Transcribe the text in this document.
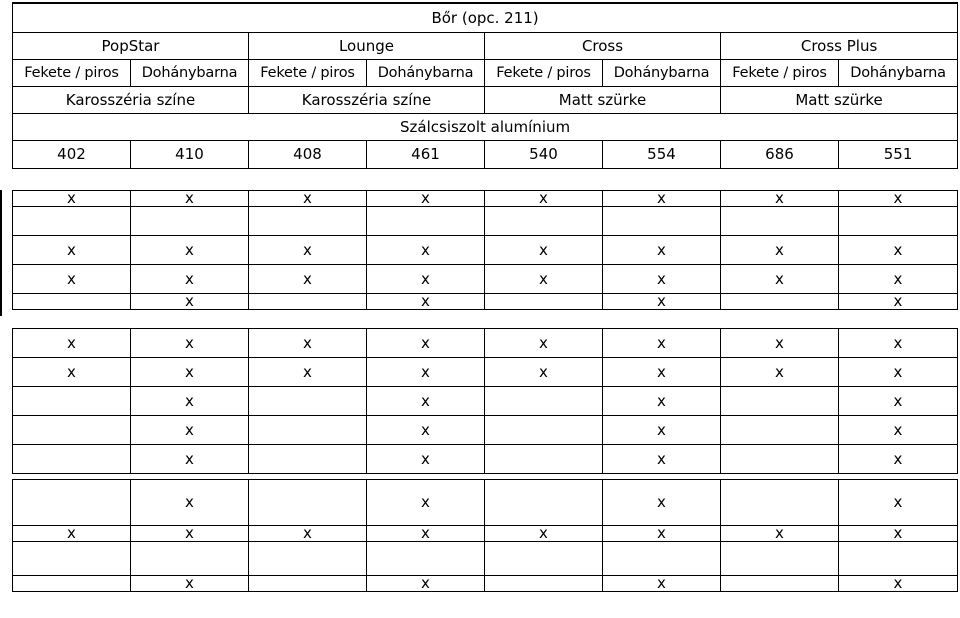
Bőr (opc. 211)							
PopStar		Lounge		Cross		Cross Plus	
Fekete / piros	Dohánybarna	Fekete / piros	Dohánybarna	Fekete / piros	Dohánybarna	Fekete / piros	Dohánybarna
Karosszéria színe		Karosszéria színe		Matt szürke		Matt szürke	
Szálcsiszolt alumínium							
402	410	408	461	540	554	686	551
x	x	x	x	x	x	x	x

x	x	x	x	x	x	x	x
x	x	x	x	x	x	x	x
	x		x		x		x
x	x	x	x	x	x	x	x
x	x	x	x	x	x	x	x
	x		x		x		x
	x		x		x		x
	x		x		x		x
	x		x		x		x
x	x	x	x	x	x	x	x

	x		x		x		x
